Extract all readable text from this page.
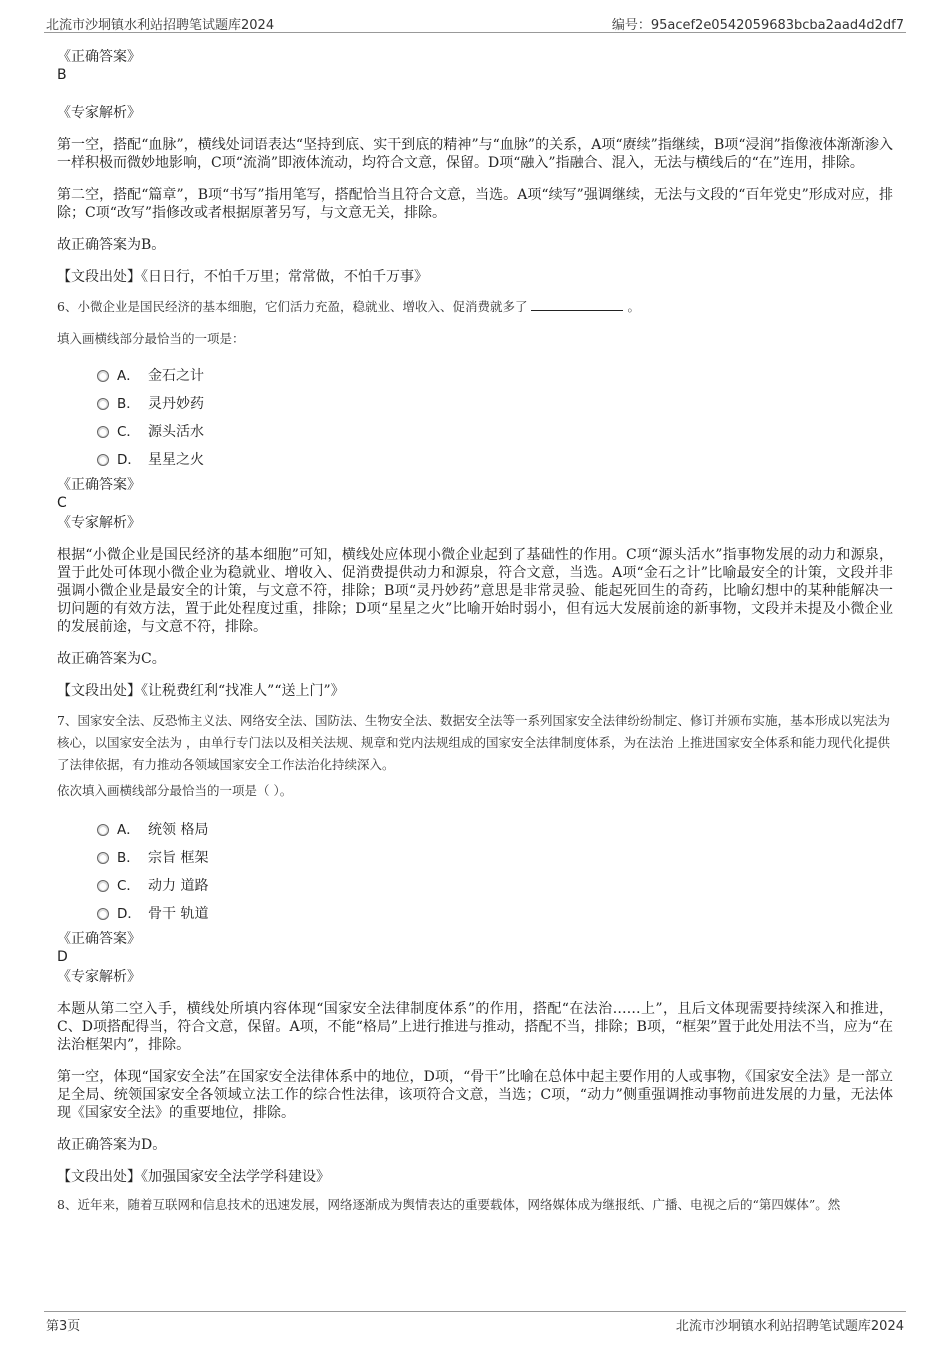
北流市沙垌镇水利站招聘笔试题库2024	编号：95acef2e0542059683bcba2aad4d2df7

《正确答案》

B

《专家解析》

第一空，搭配“血脉”，横线处词语表达“坚持到底、实干到底的精神”与“血脉”的关系，A项“赓续”指继续，B项“浸润”指像液体渐渐渗入一样积极而微妙地影响，C项“流淌”即液体流动，均符合文意，保留。D项“融入”指融合、混入，无法与横线后的“在”连用，排除。

第二空，搭配“篇章”，B项“书写”指用笔写，搭配恰当且符合文意，当选。A项“续写”强调继续，无法与文段的“百年党史”形成对应，排除；C项“改写”指修改或者根据原著另写，与文意无关，排除。

故正确答案为B。

【文段出处】《日日行，不怕千万里；常常做，不怕千万事》

6、小微企业是国民经济的基本细胞，它们活力充盈，稳就业、增收入、促消费就多了	。

填入画横线部分最恰当的一项是：

A． 金石之计
B． 灵丹妙药
C． 源头活水
D． 星星之火

《正确答案》

C

《专家解析》

根据“小微企业是国民经济的基本细胞”可知，横线处应体现小微企业起到了基础性的作用。C项“源头活水”指事物发展的动力和源泉，置于此处可体现小微企业为稳就业、增收入、促消费提供动力和源泉，符合文意，当选。A项“金石之计”比喻最安全的计策，文段并非强调小微企业是最安全的计策，与文意不符，排除；B项“灵丹妙药”意思是非常灵验、能起死回生的奇药，比喻幻想中的某种能解决一切问题的有效方法，置于此处程度过重，排除；D项“星星之火”比喻开始时弱小，但有远大发展前途的新事物，文段并未提及小微企业的发展前途，与文意不符，排除。

故正确答案为C。

【文段出处】《让税费红利“找准人”“送上门”》

7、国家安全法、反恐怖主义法、网络安全法、国防法、生物安全法、数据安全法等一系列国家安全法律纷纷制定、修订并颁布实施，基本形成以宪法为核心，以国家安全法为 ，由单行专门法以及相关法规、规章和党内法规组成的国家安全法律制度体系，为在法治 上推进国家安全体系和能力现代化提供了法律依据，有力推动各领域国家安全工作法治化持续深入。

依次填入画横线部分最恰当的一项是（ ）。

A． 统领 格局
B． 宗旨 框架
C． 动力 道路
D． 骨干 轨道

《正确答案》

D

《专家解析》

本题从第二空入手，横线处所填内容体现“国家安全法律制度体系”的作用，搭配“在法治……上”，且后文体现需要持续深入和推进，C、D项搭配得当，符合文意，保留。A项，不能“格局”上进行推进与推动，搭配不当，排除；B项，“框架”置于此处用法不当，应为“在法治框架内”，排除。

第一空，体现“国家安全法”在国家安全法律体系中的地位，D项，“骨干”比喻在总体中起主要作用的人或事物，《国家安全法》是一部立足全局、统领国家安全各领域立法工作的综合性法律，该项符合文意，当选；C项，“动力”侧重强调推动事物前进发展的力量，无法体现《国家安全法》的重要地位，排除。

故正确答案为D。

【文段出处】《加强国家安全法学学科建设》

8、近年来，随着互联网和信息技术的迅速发展，网络逐渐成为舆情表达的重要载体，网络媒体成为继报纸、广播、电视之后的“第四媒体”。然

第3页	北流市沙垌镇水利站招聘笔试题库2024
